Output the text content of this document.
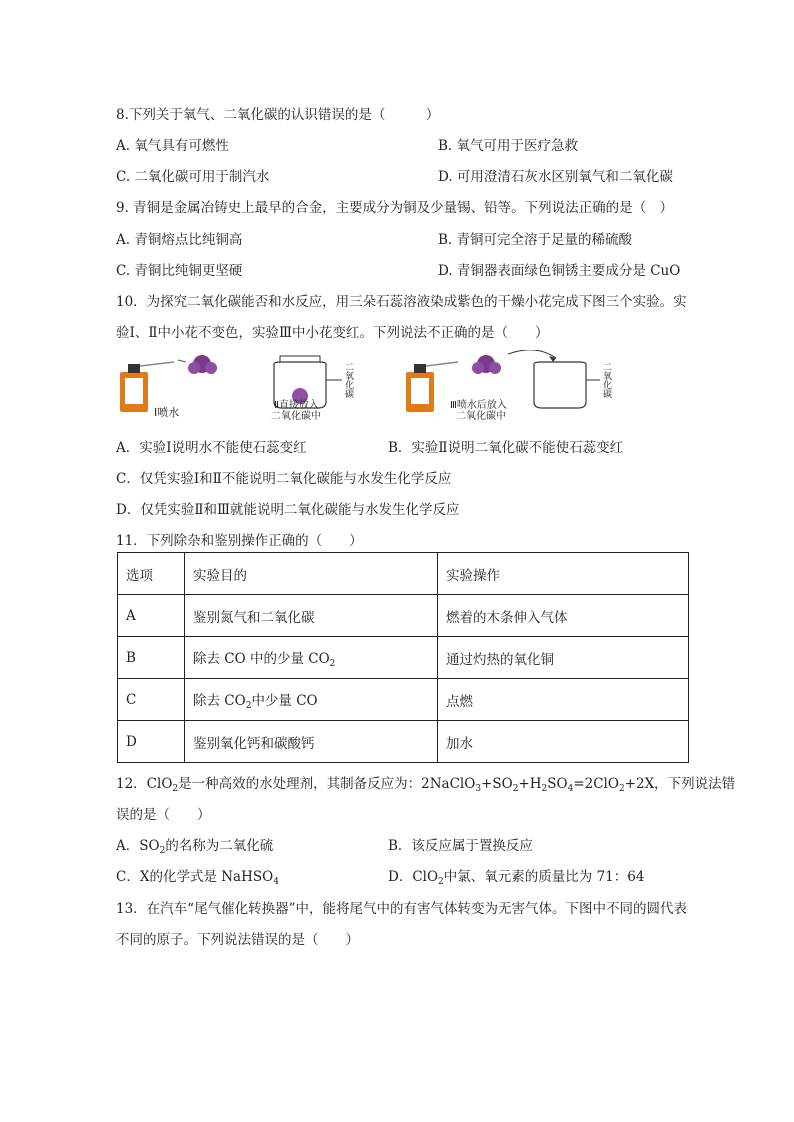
8.下列关于氧气、二氧化碳的认识错误的是（　　　）
A. 氧气具有可燃性	B. 氧气可用于医疗急救
C. 二氧化碳可用于制汽水	D. 可用澄清石灰水区别氧气和二氧化碳
9. 青铜是金属冶铸史上最早的合金，主要成分为铜及少量锡、铅等。下列说法正确的是（　）
A. 青铜熔点比纯铜高	B. 青铜可完全溶于足量的稀硫酸
C. 青铜比纯铜更坚硬	D. 青铜器表面绿色铜锈主要成分是 CuO
10．为探究二氧化碳能否和水反应，用三朵石蕊溶液染成紫色的干燥小花完成下图三个实验。实
验Ⅰ、Ⅱ中小花不变色，实验Ⅲ中小花变红。下列说法不正确的是（　　）
Ⅰ喷水
二氧化碳
Ⅱ直接放入
二氧化碳中
二氧化碳
Ⅲ喷水后放入
二氧化碳中
A．实验Ⅰ说明水不能使石蕊变红	B．实验Ⅱ说明二氧化碳不能使石蕊变红
C．仅凭实验Ⅰ和Ⅱ不能说明二氧化碳能与水发生化学反应
D．仅凭实验Ⅱ和Ⅲ就能说明二氧化碳能与水发生化学反应
11．下列除杂和鉴别操作正确的（　　）
选项	实验目的	实验操作
A	鉴别氮气和二氧化碳	燃着的木条伸入气体
B	除去 CO 中的少量 $CO_2$	通过灼热的氧化铜
C	除去 $CO_2$中少量 CO	点燃
D	鉴别氧化钙和碳酸钙	加水
12．ClO$_2$是一种高效的水处理剂，其制备反应为：$2NaClO_3+SO_2+H_2SO_4=2ClO_2+2X$，下列说法错
误的是（　　）
A．$SO_2$的名称为二氧化硫	B．该反应属于置换反应
C．X的化学式是 NaHSO$_4$	D．ClO$_2$中氯、氧元素的质量比为 71：64
13．在汽车“尾气催化转换器”中，能将尾气中的有害气体转变为无害气体。下图中不同的圆代表
不同的原子。下列说法错误的是（　　）
